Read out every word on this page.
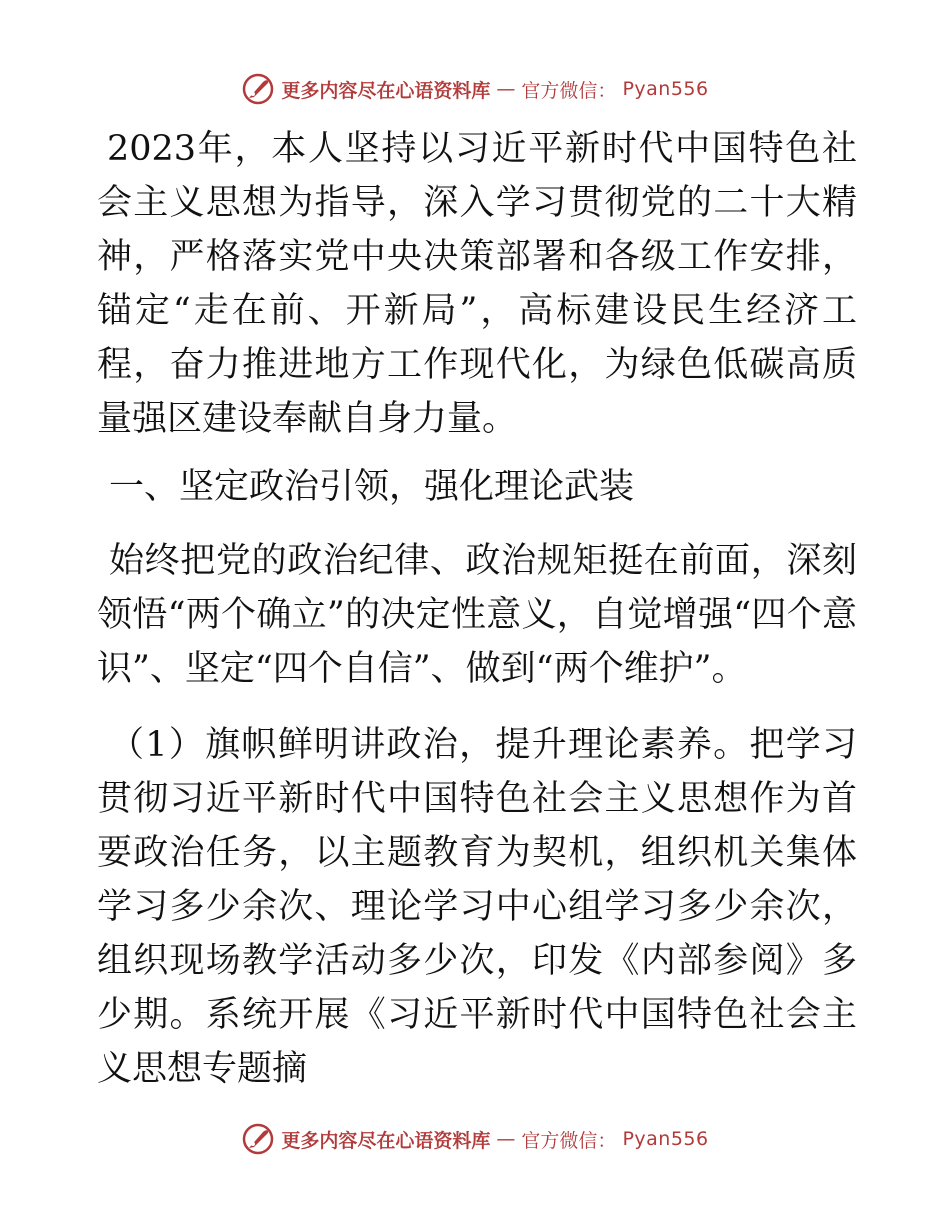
更多内容尽在心语资料库 — 官方微信： Pyan556

2023年，本人坚持以习近平新时代中国特色社会主义思想为指导，深入学习贯彻党的二十大精神，严格落实党中央决策部署和各级工作安排，锚定“走在前、开新局”，高标建设民生经济工程，奋力推进地方工作现代化，为绿色低碳高质量强区建设奉献自身力量。

一、坚定政治引领，强化理论武装

始终把党的政治纪律、政治规矩挺在前面，深刻领悟“两个确立”的决定性意义，自觉增强“四个意识”、坚定“四个自信”、做到“两个维护”。

（1）旗帜鲜明讲政治，提升理论素养。把学习贯彻习近平新时代中国特色社会主义思想作为首要政治任务，以主题教育为契机，组织机关集体学习多少余次、理论学习中心组学习多少余次，组织现场教学活动多少次，印发《内部参阅》多少期。系统开展《习近平新时代中国特色社会主义思想专题摘

更多内容尽在心语资料库 — 官方微信： Pyan556
